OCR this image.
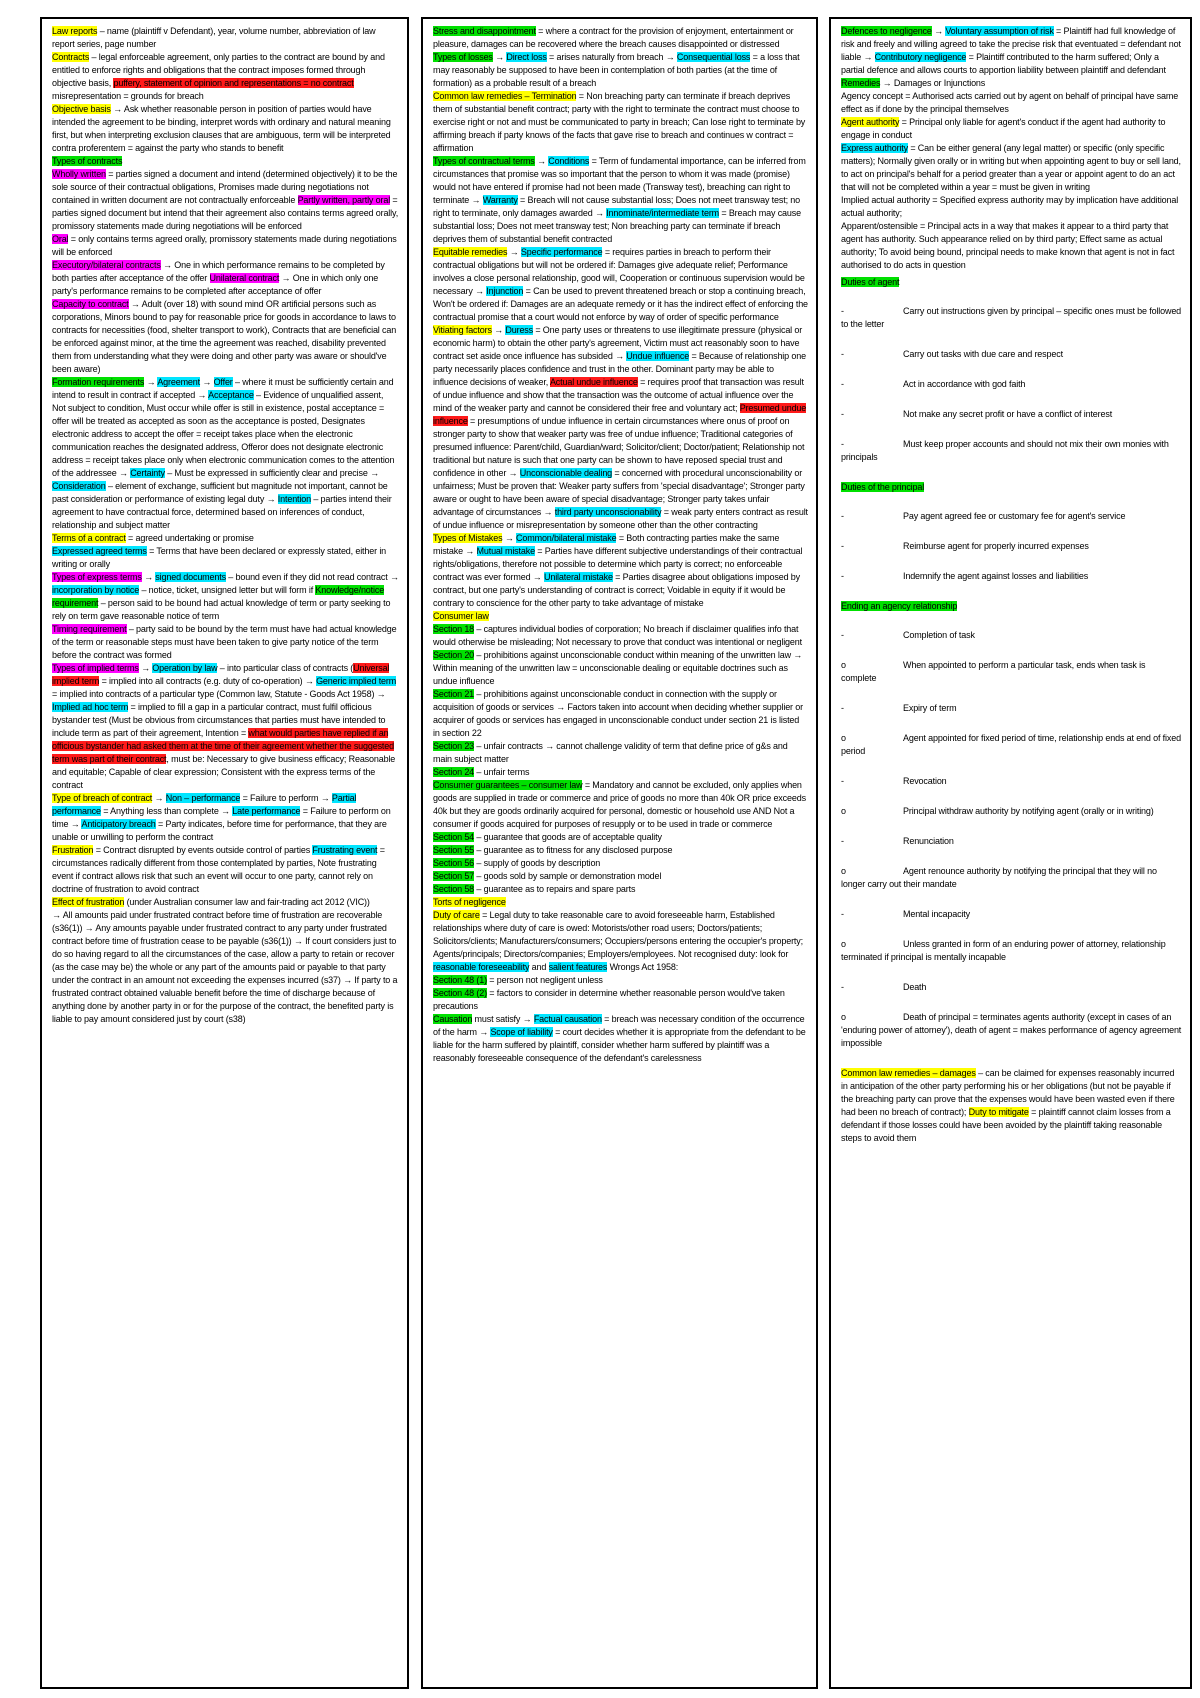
Law reports – name (plaintiff v Defendant), year, volume number, abbreviation of law report series, page number

Contracts – legal enforceable agreement, only parties to the contract are bound by and entitled to enforce rights and obligations that the contract imposes formed through objective basis, puffery, statement of opinion and representations = no contract misrepresentation = grounds for breach

Objective basis → Ask whether reasonable person in position of parties would have intended the agreement to be binding, interpret words with ordinary and natural meaning first, but when interpreting exclusion clauses that are ambiguous, term will be interpreted contra proferentem = against the party who stands to benefit

Types of contracts

Wholly written = parties signed a document and intend (determined objectively) it to be the sole source of their contractual obligations, Promises made during negotiations not contained in written document are not contractually enforceable Partly written, partly oral = parties signed document but intend that their agreement also contains terms agreed orally, promissory statements made during negotiations will be enforced

Oral = only contains terms agreed orally, promissory statements made during negotiations will be enforced

Executory/bilateral contracts → One in which performance remains to be completed by both parties after acceptance of the offer Unilateral contract → One in which only one party's performance remains to be completed after acceptance of offer

Capacity to contract → Adult (over 18) with sound mind OR artificial persons such as corporations, Minors bound to pay for reasonable price for goods in accordance to laws to contracts for necessities (food, shelter transport to work), Contracts that are beneficial can be enforced against minor, at the time the agreement was reached, disability prevented them from understanding what they were doing and other party was aware or should've been aware)

Formation requirements → Agreement → Offer – where it must be sufficiently certain and intend to result in contract if accepted → Acceptance – Evidence of unqualified assent, Not subject to condition, Must occur while offer is still in existence, postal acceptance = offer will be treated as accepted as soon as the acceptance is posted, Designates electronic address to accept the offer = receipt takes place when the electronic communication reaches the designated address, Offeror does not designate electronic address = receipt takes place only when electronic communication comes to the attention of the addressee → Certainty – Must be expressed in sufficiently clear and precise → Consideration – element of exchange, sufficient but magnitude not important, cannot be past consideration or performance of existing legal duty → Intention – parties intend their agreement to have contractual force, determined based on inferences of conduct, relationship and subject matter

Terms of a contract = agreed undertaking or promise

Expressed agreed terms = Terms that have been declared or expressly stated, either in writing or orally

Types of express terms → signed documents – bound even if they did not read contract → incorporation by notice – notice, ticket, unsigned letter but will form if Knowledge/notice requirement – person said to be bound had actual knowledge of term or party seeking to rely on term gave reasonable notice of term

Timing requirement – party said to be bound by the term must have had actual knowledge of the term or reasonable steps must have been taken to give party notice of the term before the contract was formed

Types of implied terms → Operation by law – into particular class of contracts (Universal implied term = implied into all contracts (e.g. duty of co-operation) → Generic implied term = implied into contracts of a particular type (Common law, Statute - Goods Act 1958) → Implied ad hoc term = implied to fill a gap in a particular contract, must fulfil officious bystander test (Must be obvious from circumstances that parties must have intended to include term as part of their agreement, Intention = what would parties have replied if an officious bystander had asked them at the time of their agreement whether the suggested term was part of their contract, must be: Necessary to give business efficacy; Reasonable and equitable; Capable of clear expression; Consistent with the express terms of the contract

Type of breach of contract → Non – performance = Failure to perform → Partial performance = Anything less than complete → Late performance = Failure to perform on time → Anticipatory breach = Party indicates, before time for performance, that they are unable or unwilling to perform the contract

Frustration = Contract disrupted by events outside control of parties Frustrating event = circumstances radically different from those contemplated by parties, Note frustrating event if contract allows risk that such an event will occur to one party, cannot rely on doctrine of frustration to avoid contract

Effect of frustration (under Australian consumer law and fair-trading act 2012 (VIC))

→ All amounts paid under frustrated contract before time of frustration are recoverable (s36(1)) → Any amounts payable under frustrated contract to any party under frustrated contract before time of frustration cease to be payable (s36(1)) → If court considers just to do so having regard to all the circumstances of the case, allow a party to retain or recover (as the case may be) the whole or any part of the amounts paid or payable to that party under the contract in an amount not exceeding the expenses incurred (s37) → If party to a frustrated contract obtained valuable benefit before the time of discharge because of anything done by another party in or for the purpose of the contract, the benefited party is liable to pay amount considered just by court (s38)

Stress and disappointment = where a contract for the provision of enjoyment, entertainment or pleasure, damages can be recovered where the breach causes disappointed or distressed

Types of losses → Direct loss = arises naturally from breach → Consequential loss = a loss that may reasonably be supposed to have been in contemplation of both parties (at the time of formation) as a probable result of a breach

Common law remedies – Termination = Non breaching party can terminate if breach deprives them of substantial benefit contract; party with the right to terminate the contract must choose to exercise right or not and must be communicated to party in breach; Can lose right to terminate by affirming breach if party knows of the facts that gave rise to breach and continues w contract = affirmation

Types of contractual terms → Conditions = Term of fundamental importance, can be inferred from circumstances that promise was so important that the person to whom it was made (promise) would not have entered if promise had not been made (Transway test), breaching can right to terminate → Warranty = Breach will not cause substantial loss; Does not meet transway test; no right to terminate, only damages awarded → Innominate/intermediate term = Breach may cause substantial loss; Does not meet transway test; Non breaching party can terminate if breach deprives them of substantial benefit contracted

Equitable remedies → Specific performance = requires parties in breach to perform their contractual obligations but will not be ordered if: Damages give adequate relief; Performance involves a close personal relationship, good will, Cooperation or continuous supervision would be necessary → Injunction = Can be used to prevent threatened breach or stop a continuing breach, Won't be ordered if: Damages are an adequate remedy or it has the indirect effect of enforcing the contractual promise that a court would not enforce by way of order of specific performance

Vitiating factors → Duress = One party uses or threatens to use illegitimate pressure (physical or economic harm) to obtain the other party's agreement, Victim must act reasonably soon to have contract set aside once influence has subsided → Undue influence = Because of relationship one party necessarily places confidence and trust in the other. Dominant party may be able to influence decisions of weaker, Actual undue influence = requires proof that transaction was result of undue influence and show that the transaction was the outcome of actual influence over the mind of the weaker party and cannot be considered their free and voluntary act; Presumed undue influence = presumptions of undue influence in certain circumstances where onus of proof on stronger party to show that weaker party was free of undue influence; Traditional categories of presumed influence: Parent/child, Guardian/ward; Solicitor/client; Doctor/patient; Relationship not traditional but nature is such that one party can be shown to have reposed special trust and confidence in other → Unconscionable dealing = concerned with procedural unconscionability or unfairness; Must be proven that: Weaker party suffers from 'special disadvantage'; Stronger party aware or ought to have been aware of special disadvantage; Stronger party takes unfair advantage of circumstances → third party unconscionability = weak party enters contract as result of undue influence or misrepresentation by someone other than the other contracting

Types of Mistakes → Common/bilateral mistake = Both contracting parties make the same mistake → Mutual mistake = Parties have different subjective understandings of their contractual rights/obligations, therefore not possible to determine which party is correct; no enforceable contract was ever formed → Unilateral mistake = Parties disagree about obligations imposed by contract, but one party's understanding of contract is correct; Voidable in equity if it would be contrary to conscience for the other party to take advantage of mistake

Consumer law

Section 18 – captures individual bodies of corporation; No breach if disclaimer qualifies info that would otherwise be misleading; Not necessary to prove that conduct was intentional or negligent

Section 20 – prohibitions against unconscionable conduct within meaning of the unwritten law → Within meaning of the unwritten law = unconscionable dealing or equitable doctrines such as undue influence

Section 21 – prohibitions against unconscionable conduct in connection with the supply or acquisition of goods or services → Factors taken into account when deciding whether supplier or acquirer of goods or services has engaged in unconscionable conduct under section 21 is listed in section 22

Section 23 – unfair contracts → cannot challenge validity of term that define price of g&s and main subject matter

Section 24 – unfair terms

Consumer guarantees – consumer law = Mandatory and cannot be excluded, only applies when goods are supplied in trade or commerce and price of goods no more than 40k OR price exceeds 40k but they are goods ordinarily acquired for personal, domestic or household use AND Not a consumer if goods acquired for purposes of resupply or to be used in trade or commerce

Section 54 – guarantee that goods are of acceptable quality

Section 55 – guarantee as to fitness for any disclosed purpose

Section 56 – supply of goods by description

Section 57 – goods sold by sample or demonstration model

Section 58 – guarantee as to repairs and spare parts

Torts of negligence

Duty of care = Legal duty to take reasonable care to avoid foreseeable harm, Established relationships where duty of care is owed: Motorists/other road users; Doctors/patients; Solicitors/clients; Manufacturers/consumers; Occupiers/persons entering the occupier's property; Agents/principals; Directors/companies; Employers/employees. Not recognised duty: look for reasonable foreseeability and salient features Wrongs Act 1958:

Section 48 (1) = person not negligent unless

Section 48 (2) = factors to consider in determine whether reasonable person would've taken precautions

Causation must satisfy → Factual causation = breach was necessary condition of the occurrence of the harm → Scope of liability = court decides whether it is appropriate from the defendant to be liable for the harm suffered by plaintiff, consider whether harm suffered by plaintiff was a reasonably foreseeable consequence of the defendant's carelessness

Defences to negligence → Voluntary assumption of risk = Plaintiff had full knowledge of risk and freely and willing agreed to take the precise risk that eventuated = defendant not liable → Contributory negligence = Plaintiff contributed to the harm suffered; Only a partial defence and allows courts to apportion liability between plaintiff and defendant

Remedies → Damages or Injunctions

Agency concept = Authorised acts carried out by agent on behalf of principal have same effect as if done by the principal themselves

Agent authority = Principal only liable for agent's conduct if the agent had authority to engage in conduct

Express authority = Can be either general (any legal matter) or specific (only specific matters); Normally given orally or in writing but when appointing agent to buy or sell land, to act on principal's behalf for a period greater than a year or appoint agent to do an act that will not be completed within a year = must be given in writing

Implied actual authority = Specified express authority may by implication have additional actual authority;

Apparent/ostensible = Principal acts in a way that makes it appear to a third party that agent has authority. Such appearance relied on by third party; Effect same as actual authority; To avoid being bound, principal needs to make known that agent is not in fact authorised to do acts in question

Duties of agent

-	Carry out instructions given by principal – specific ones must be followed to the letter

-	Carry out tasks with due care and respect

-	Act in accordance with god faith

-	Not make any secret profit or have a conflict of interest

-	Must keep proper accounts and should not mix their own monies with principals

Duties of the principal

-	Pay agent agreed fee or customary fee for agent's service

-	Reimburse agent for properly incurred expenses

-	Indemnify the agent against losses and liabilities

Ending an agency relationship

-	Completion of task

o	When appointed to perform a particular task, ends when task is complete

-	Expiry of term

o	Agent appointed for fixed period of time, relationship ends at end of fixed period

-	Revocation

o	Principal withdraw authority by notifying agent (orally or in writing)

-	Renunciation

o	Agent renounce authority by notifying the principal that they will no longer carry out their mandate

-	Mental incapacity

o	Unless granted in form of an enduring power of attorney, relationship terminated if principal is mentally incapable

-	Death

o	Death of principal = terminates agents authority (except in cases of an 'enduring power of attorney'), death of agent = makes performance of agency agreement impossible

Common law remedies – damages – can be claimed for expenses reasonably incurred in anticipation of the other party performing his or her obligations (but not be payable if the breaching party can prove that the expenses would have been wasted even if there had been no breach of contract); Duty to mitigate = plaintiff cannot claim losses from a defendant if those losses could have been avoided by the plaintiff taking reasonable steps to avoid them
